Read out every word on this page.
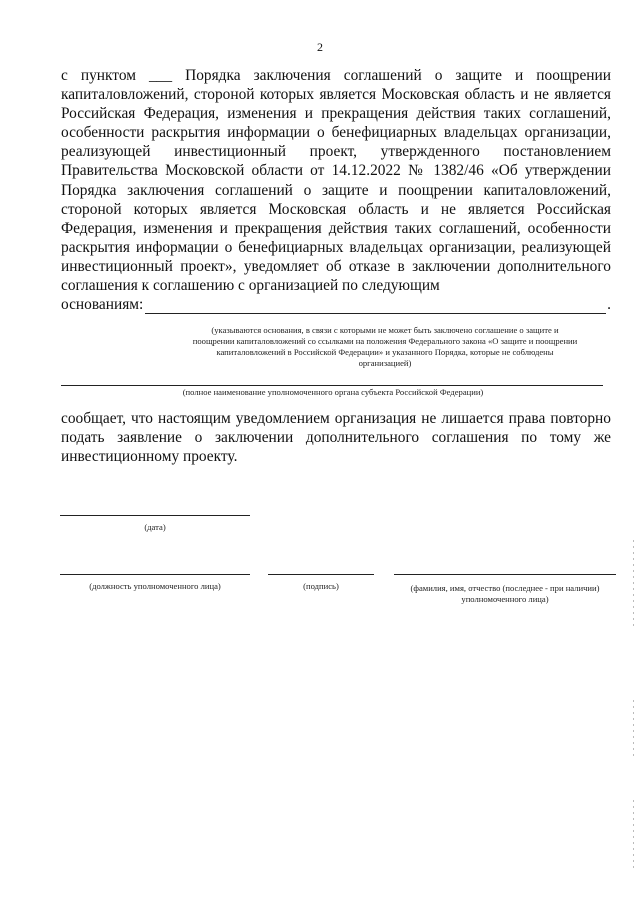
2
с пунктом ___ Порядка заключения соглашений о защите и поощрении капиталовложений, стороной которых является Московская область и не является Российская Федерация, изменения и прекращения действия таких соглашений, особенности раскрытия информации о бенефициарных владельцах организации, реализующей инвестиционный проект, утвержденного постановлением Правительства Московской области от 14.12.2022 № 1382/46 «Об утверждении Порядка заключения соглашений о защите и поощрении капиталовложений, стороной которых является Московская область и не является Российская Федерация, изменения и прекращения действия таких соглашений, особенности раскрытия информации о бенефициарных владельцах организации, реализующей инвестиционный проект», уведомляет об отказе в заключении дополнительного соглашения к соглашению с организацией по следующим
основаниям:	.
(указываются основания, в связи с которыми не может быть заключено соглашение о защите и поощрении капиталовложений со ссылками на положения Федерального закона «О защите и поощрении капиталовложений в Российской Федерации» и указанного Порядка, которые не соблюдены организацией)
(полное наименование уполномоченного органа субъекта Российской Федерации)
сообщает, что настоящим уведомлением организация не лишается права повторно подать заявление о заключении дополнительного соглашения по тому же инвестиционному проекту.
(дата)
(должность уполномоченного лица)	(подпись)	(фамилия, имя, отчество (последнее - при наличии) уполномоченного лица)
